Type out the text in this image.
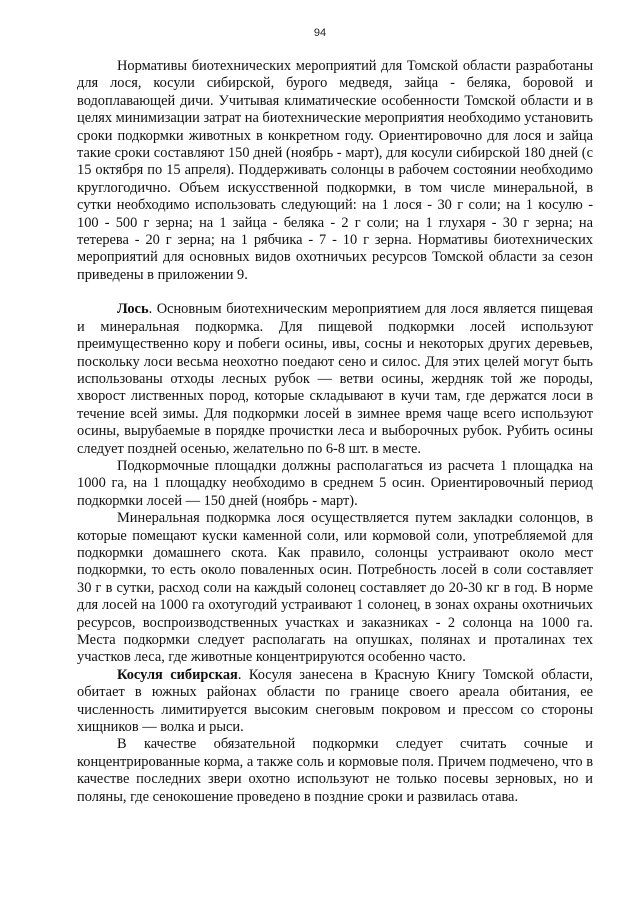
94

Нормативы биотехнических мероприятий для Томской области разработаны для лося, косули сибирской, бурого медведя, зайца - беляка, боровой и водоплавающей дичи. Учитывая климатические особенности Томской области и в целях минимизации затрат на биотехнические мероприятия необходимо установить сроки подкормки животных в конкретном году. Ориентировочно для лося и зайца такие сроки составляют 150 дней (ноябрь - март), для косули сибирской 180 дней (с 15 октября по 15 апреля). Поддерживать солонцы в рабочем состоянии необходимо круглогодично. Объем искусственной подкормки, в том числе минеральной, в сутки необходимо использовать следующий: на 1 лося - 30 г соли; на 1 косулю - 100 - 500 г зерна; на 1 зайца - беляка - 2 г соли; на 1 глухаря - 30 г зерна; на тетерева - 20 г зерна; на 1 рябчика - 7 - 10 г зерна. Нормативы биотехнических мероприятий для основных видов охотничьих ресурсов Томской области за сезон приведены в приложении 9.

Лось. Основным биотехническим мероприятием для лося является пищевая и минеральная подкормка. Для пищевой подкормки лосей используют преимущественно кору и побеги осины, ивы, сосны и некоторых других деревьев, поскольку лоси весьма неохотно поедают сено и силос. Для этих целей могут быть использованы отходы лесных рубок — ветви осины, жердняк той же породы, хворост лиственных пород, которые складывают в кучи там, где держатся лоси в течение всей зимы. Для подкормки лосей в зимнее время чаще всего используют осины, вырубаемые в порядке прочистки леса и выборочных рубок. Рубить осины следует поздней осенью, желательно по 6-8 шт. в месте.

Подкормочные площадки должны располагаться из расчета 1 площадка на 1000 га, на 1 площадку необходимо в среднем 5 осин. Ориентировочный период подкормки лосей — 150 дней (ноябрь - март).

Минеральная подкормка лося осуществляется путем закладки солонцов, в которые помещают куски каменной соли, или кормовой соли, употребляемой для подкормки домашнего скота. Как правило, солонцы устраивают около мест подкормки, то есть около поваленных осин. Потребность лосей в соли составляет 30 г в сутки, расход соли на каждый солонец составляет до 20-30 кг в год. В норме для лосей на 1000 га охотугодий устраивают 1 солонец, в зонах охраны охотничьих ресурсов, воспроизводственных участках и заказниках - 2 солонца на 1000 га. Места подкормки следует располагать на опушках, полянах и проталинах тех участков леса, где животные концентрируются особенно часто.

Косуля сибирская. Косуля занесена в Красную Книгу Томской области, обитает в южных районах области по границе своего ареала обитания, ее численность лимитируется высоким снеговым покровом и прессом со стороны хищников — волка и рыси.

В качестве обязательной подкормки следует считать сочные и концентрированные корма, а также соль и кормовые поля. Причем подмечено, что в качестве последних звери охотно используют не только посевы зерновых, но и поляны, где сенокошение проведено в поздние сроки и развилась отава.
